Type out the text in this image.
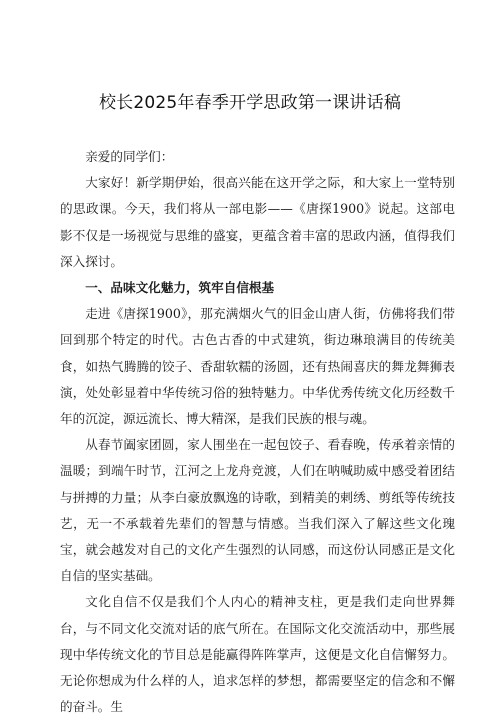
校长2025年春季开学思政第一课讲话稿

亲爱的同学们：

大家好！新学期伊始，很高兴能在这开学之际，和大家上一堂特别的思政课。今天，我们将从一部电影——《唐探1900》说起。这部电影不仅是一场视觉与思维的盛宴，更蕴含着丰富的思政内涵，值得我们深入探讨。

一、品味文化魅力，筑牢自信根基

走进《唐探1900》，那充满烟火气的旧金山唐人街，仿佛将我们带回到那个特定的时代。古色古香的中式建筑，街边琳琅满目的传统美食，如热气腾腾的饺子、香甜软糯的汤圆，还有热闹喜庆的舞龙舞狮表演，处处彰显着中华传统习俗的独特魅力。中华优秀传统文化历经数千年的沉淀，源远流长、博大精深，是我们民族的根与魂。

从春节阖家团圆，家人围坐在一起包饺子、看春晚，传承着亲情的温暖；到端午时节，江河之上龙舟竞渡，人们在呐喊助威中感受着团结与拼搏的力量；从李白豪放飘逸的诗歌，到精美的剌绣、剪纸等传统技艺，无一不承载着先辈们的智慧与情感。当我们深入了解这些文化瑰宝，就会越发对自己的文化产生强烈的认同感，而这份认同感正是文化自信的坚实基础。

文化自信不仅是我们个人内心的精神支柱，更是我们走向世界舞台，与不同文化交流对话的底气所在。在国际文化交流活动中，那些展现中华传统文化的节目总是能赢得阵阵掌声，这便是文化自信懈努力。无论你想成为什么样的人，追求怎样的梦想，都需要坚定的信念和不懈的奋斗。生
